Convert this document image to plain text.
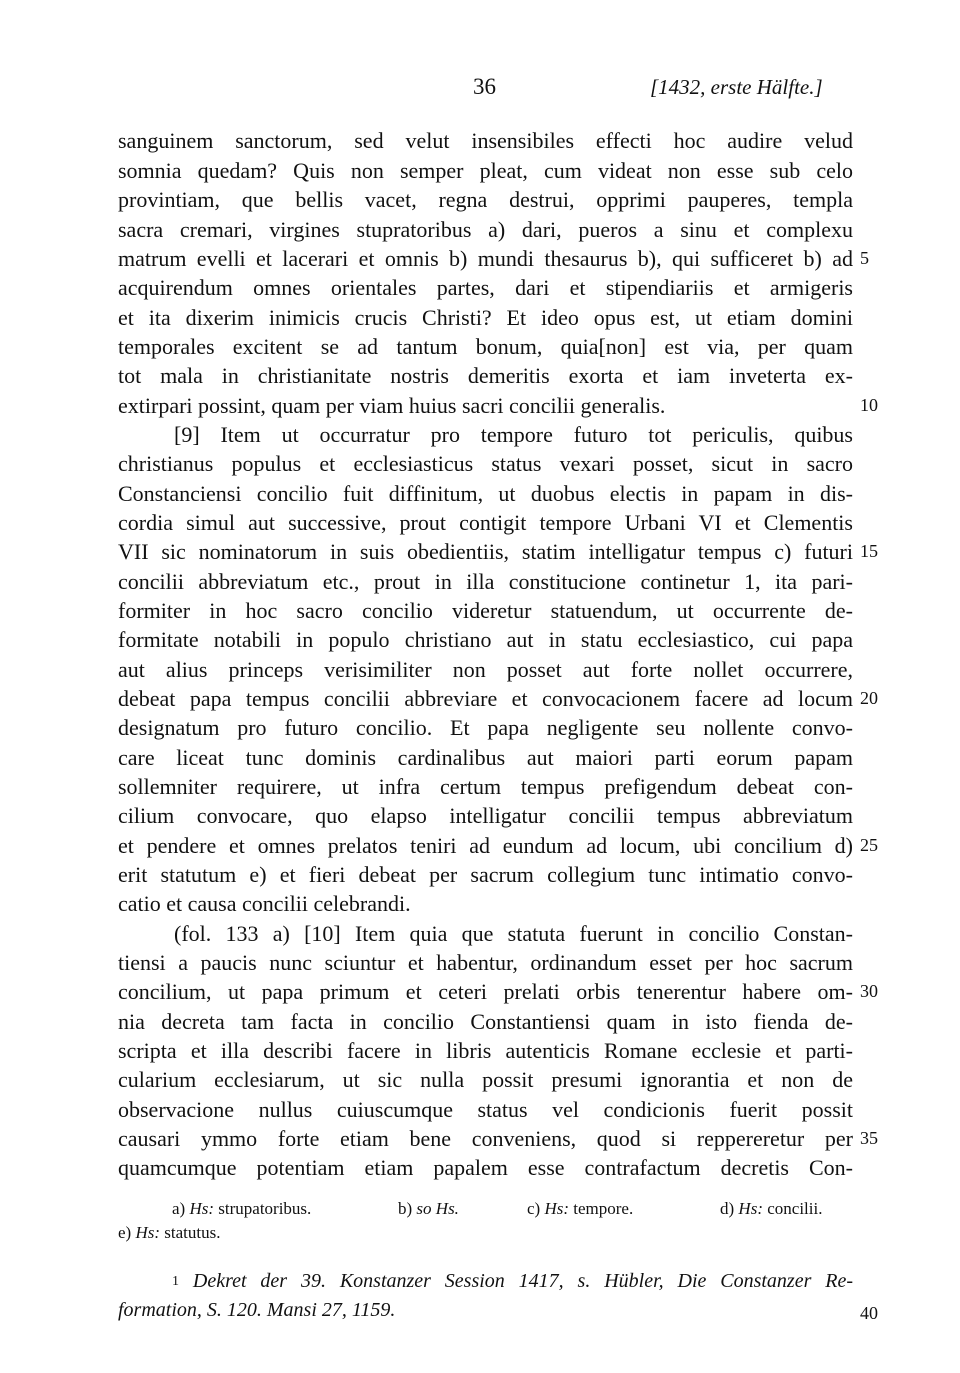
36	[1432, erste Hälfte.]
sanguinem sanctorum, sed velut insensibiles effecti hoc audire velud
somnia quedam? Quis non semper pleat, cum videat non esse sub celo
provintiam, que bellis vacet, regna destrui, opprimi pauperes, templa
sacra cremari, virgines stupratoribus a) dari, pueros a sinu et complexu
matrum evelli et lacerari et omnis b) mundi thesaurus b), qui sufficeret b) ad
acquirendum omnes orientales partes, dari et stipendiariis et armigeris
et ita dixerim inimicis crucis Christi? Et ideo opus est, ut etiam domini
temporales excitent se ad tantum bonum, quia[non] est via, per quam
tot mala in christianitate nostris demeritis exorta et iam inveterta ex-
extirpari possint, quam per viam huius sacri concilii generalis.
[9] Item ut occurratur pro tempore futuro tot periculis, quibus
christianus populus et ecclesiasticus status vexari posset, sicut in sacro
Constanciensi concilio fuit diffinitum, ut duobus electis in papam in dis-
cordia simul aut successive, prout contigit tempore Urbani VI et Clementis
VII sic nominatorum in suis obedientiis, statim intelligatur tempus c) futuri
concilii abbreviatum etc., prout in illa constitucione continetur 1, ita pari-
formiter in hoc sacro concilio videretur statuendum, ut occurrente de-
formitate notabili in populo christiano aut in statu ecclesiastico, cui papa
aut alius princeps verisimiliter non posset aut forte nollet occurrere,
debeat papa tempus concilii abbreviare et convocacionem facere ad locum
designatum pro futuro concilio. Et papa negligente seu nollente convo-
care liceat tunc dominis cardinalibus aut maiori parti eorum papam
sollemniter requirere, ut infra certum tempus prefigendum debeat con-
cilium convocare, quo elapso intelligatur concilii tempus abbreviatum
et pendere et omnes prelatos teniri ad eundum ad locum, ubi concilium d)
erit statutum e) et fieri debeat per sacrum collegium tunc intimatio convo-
catio et causa concilii celebrandi.
(fol. 133 a) [10] Item quia que statuta fuerunt in concilio Constan-
tiensi a paucis nunc sciuntur et habentur, ordinandum esset per hoc sacrum
concilium, ut papa primum et ceteri prelati orbis tenerentur habere om-
nia decreta tam facta in concilio Constantiensi quam in isto fienda de-
scripta et illa describi facere in libris autenticis Romane ecclesie et parti-
cularium ecclesiarum, ut sic nulla possit presumi ignorantia et non de
observacione nullus cuiuscumque status vel condicionis fuerit possit
causari ymmo forte etiam bene conveniens, quod si reppereretur per
quamcumque potentiam etiam papalem esse contrafactum decretis Con-
5
10
15
20
25
30
35
a) Hs: strupatoribus.	b) so Hs.	c) Hs: tempore.	d) Hs: concilii.
e) Hs: statutus.
$^1$ Dekret der 39. Konstanzer Session 1417, s. Hübler, Die Constanzer Re-
formation, S. 120. Mansi 27, 1159.	40
